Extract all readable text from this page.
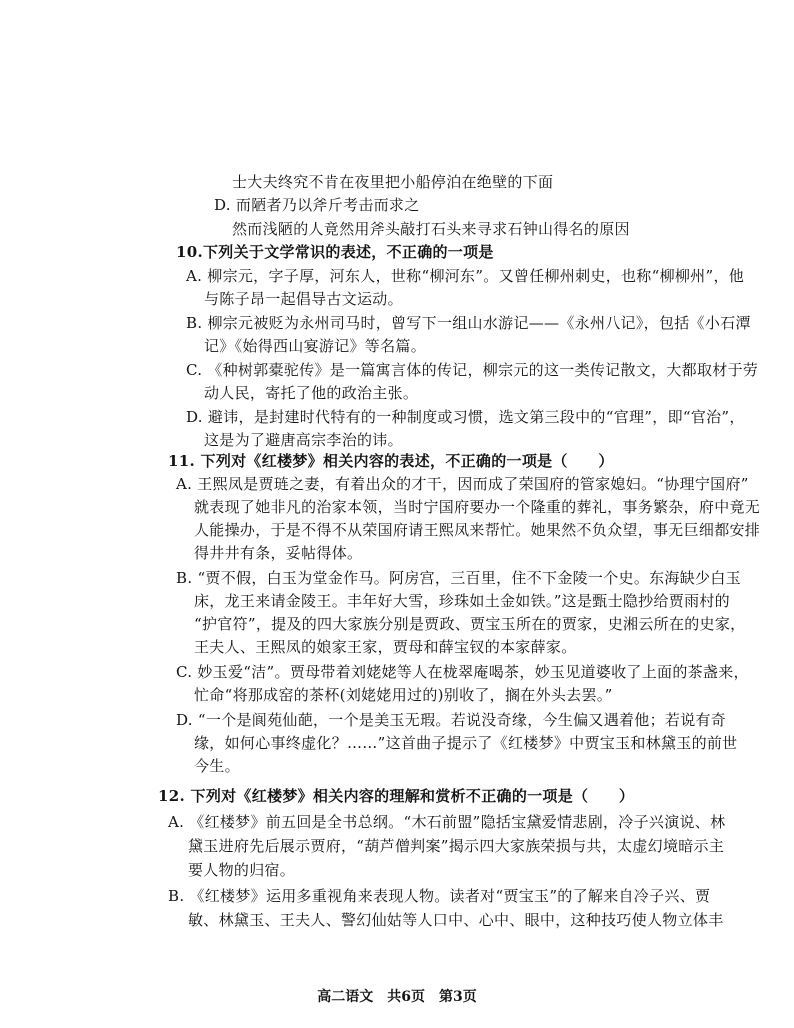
士大夫终究不肯在夜里把小船停泊在绝壁的下面
D. 而陋者乃以斧斤考击而求之
然而浅陋的人竟然用斧头敲打石头来寻求石钟山得名的原因
10.下列关于文学常识的表述，不正确的一项是
A. 柳宗元，字子厚，河东人，世称“柳河东”。又曾任柳州刺史，也称“柳柳州”，他
与陈子昂一起倡导古文运动。
B. 柳宗元被贬为永州司马时，曾写下一组山水游记——《永州八记》，包括《小石潭
记》《始得西山宴游记》等名篇。
C. 《种树郭橐驼传》是一篇寓言体的传记，柳宗元的这一类传记散文，大都取材于劳
动人民，寄托了他的政治主张。
D. 避讳，是封建时代特有的一种制度或习惯，选文第三段中的“官理”，即“官治”，
这是为了避唐高宗李治的讳。
11. 下列对《红楼梦》相关内容的表述，不正确的一项是（　　）
A. 王熙凤是贾琏之妻，有着出众的才干，因而成了荣国府的管家媳妇。“协理宁国府”
就表现了她非凡的治家本领，当时宁国府要办一个隆重的葬礼，事务繁杂，府中竟无
人能操办，于是不得不从荣国府请王熙凤来帮忙。她果然不负众望，事无巨细都安排
得井井有条，妥帖得体。
B. “贾不假，白玉为堂金作马。阿房宫，三百里，住不下金陵一个史。东海缺少白玉
床，龙王来请金陵王。丰年好大雪，珍珠如土金如铁。”这是甄士隐抄给贾雨村的
“护官符”，提及的四大家族分别是贾政、贾宝玉所在的贾家，史湘云所在的史家，
王夫人、王熙凤的娘家王家，贾母和薛宝钗的本家薛家。
C. 妙玉爱“洁”。贾母带着刘姥姥等人在栊翠庵喝茶，妙玉见道婆收了上面的茶盏来，
忙命“将那成窑的茶杯(刘姥姥用过的)别收了，搁在外头去罢。”
D. “一个是阆苑仙葩，一个是美玉无瑕。若说没奇缘，今生偏又遇着他；若说有奇
缘，如何心事终虚化？……”这首曲子提示了《红楼梦》中贾宝玉和林黛玉的前世
今生。
12. 下列对《红楼梦》相关内容的理解和赏析不正确的一项是（　　）
A. 《红楼梦》前五回是全书总纲。“木石前盟”隐括宝黛爱情悲剧，冷子兴演说、林
黛玉进府先后展示贾府，“葫芦僧判案”揭示四大家族荣损与共，太虚幻境暗示主
要人物的归宿。
B. 《红楼梦》运用多重视角来表现人物。读者对“贾宝玉”的了解来自冷子兴、贾
敏、林黛玉、王夫人、警幻仙姑等人口中、心中、眼中，这种技巧使人物立体丰
高二语文　共6页　第3页
